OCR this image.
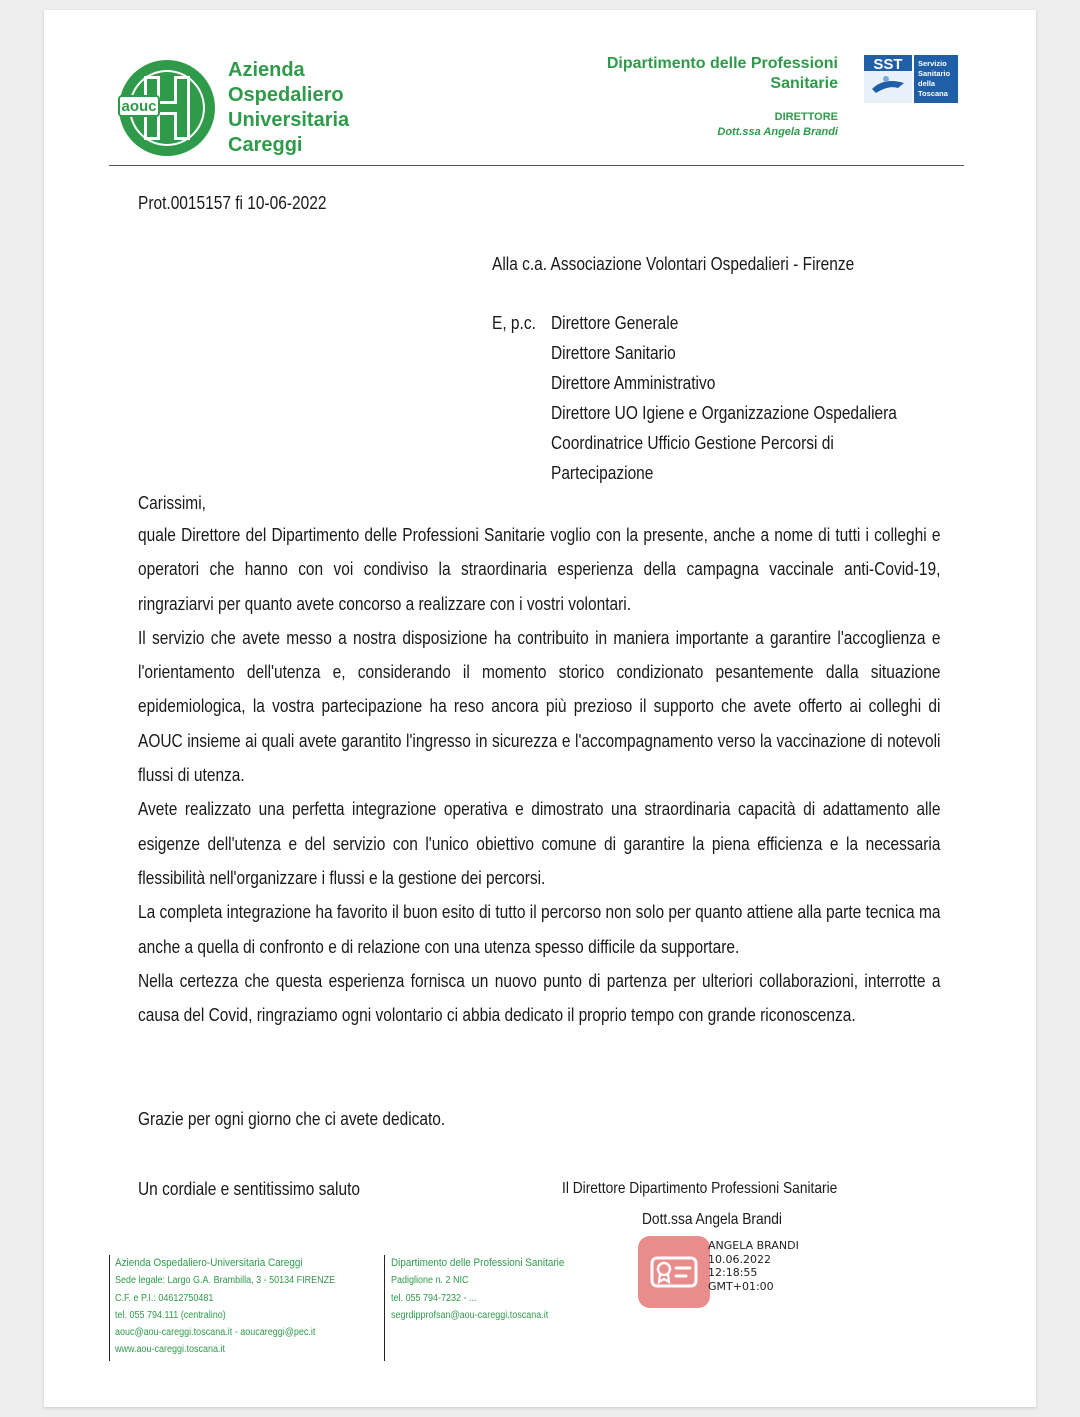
aouc
Azienda
Ospedaliero
Universitaria
Careggi
Dipartimento delle Professioni
Sanitarie
DIRETTORE
Dott.ssa Angela Brandi
SST Servizio
Sanitario
della
Toscana
Prot.0015157 fi 10-06-2022
Alla c.a. Associazione Volontari Ospedalieri - Firenze
E, p.c. Direttore Generale
Direttore Sanitario
Direttore Amministrativo
Direttore UO Igiene e Organizzazione Ospedaliera
Coordinatrice Ufficio Gestione Percorsi di
Partecipazione
Carissimi,
quale Direttore del Dipartimento delle Professioni Sanitarie voglio con la presente, anche a nome di tutti i colleghi e operatori che hanno con voi condiviso la straordinaria esperienza della campagna vaccinale anti-Covid-19, ringraziarvi per quanto avete concorso a realizzare con i vostri volontari.
Il servizio che avete messo a nostra disposizione ha contribuito in maniera importante a garantire l'accoglienza e l'orientamento dell'utenza e, considerando il momento storico condizionato pesantemente dalla situazione epidemiologica, la vostra partecipazione ha reso ancora più prezioso il supporto che avete offerto ai colleghi di AOUC insieme ai quali avete garantito l'ingresso in sicurezza e l'accompagnamento verso la vaccinazione di notevoli flussi di utenza.
Avete realizzato una perfetta integrazione operativa e dimostrato una straordinaria capacità di adattamento alle esigenze dell'utenza e del servizio con l'unico obiettivo comune di garantire la piena efficienza e la necessaria flessibilità nell'organizzare i flussi e la gestione dei percorsi.
La completa integrazione ha favorito il buon esito di tutto il percorso non solo per quanto attiene alla parte tecnica ma anche a quella di confronto e di relazione con una utenza spesso difficile da supportare.
Nella certezza che questa esperienza fornisca un nuovo punto di partenza per ulteriori collaborazioni, interrotte a causa del Covid, ringraziamo ogni volontario ci abbia dedicato il proprio tempo con grande riconoscenza.
Grazie per ogni giorno che ci avete dedicato.
Un cordiale e sentitissimo saluto	Il Direttore Dipartimento Professioni Sanitarie
Dott.ssa Angela Brandi
ANGELA BRANDI
10.06.2022
12:18:55
GMT+01:00
Azienda Ospedaliero-Universitaria Careggi
Sede legale: Largo G.A. Brambilla, 3 - 50134 FIRENZE
C.F. e P.I.: 04612750481
tel. 055 794.111 (centralino)
aouc@aou-careggi.toscana.it - aoucareggi@pec.it
www.aou-careggi.toscana.it
Dipartimento delle Professioni Sanitarie
Padiglione n. 2 NIC
tel. 055 794-7232 - ...
segrdipprofsan@aou-careggi.toscana.it
